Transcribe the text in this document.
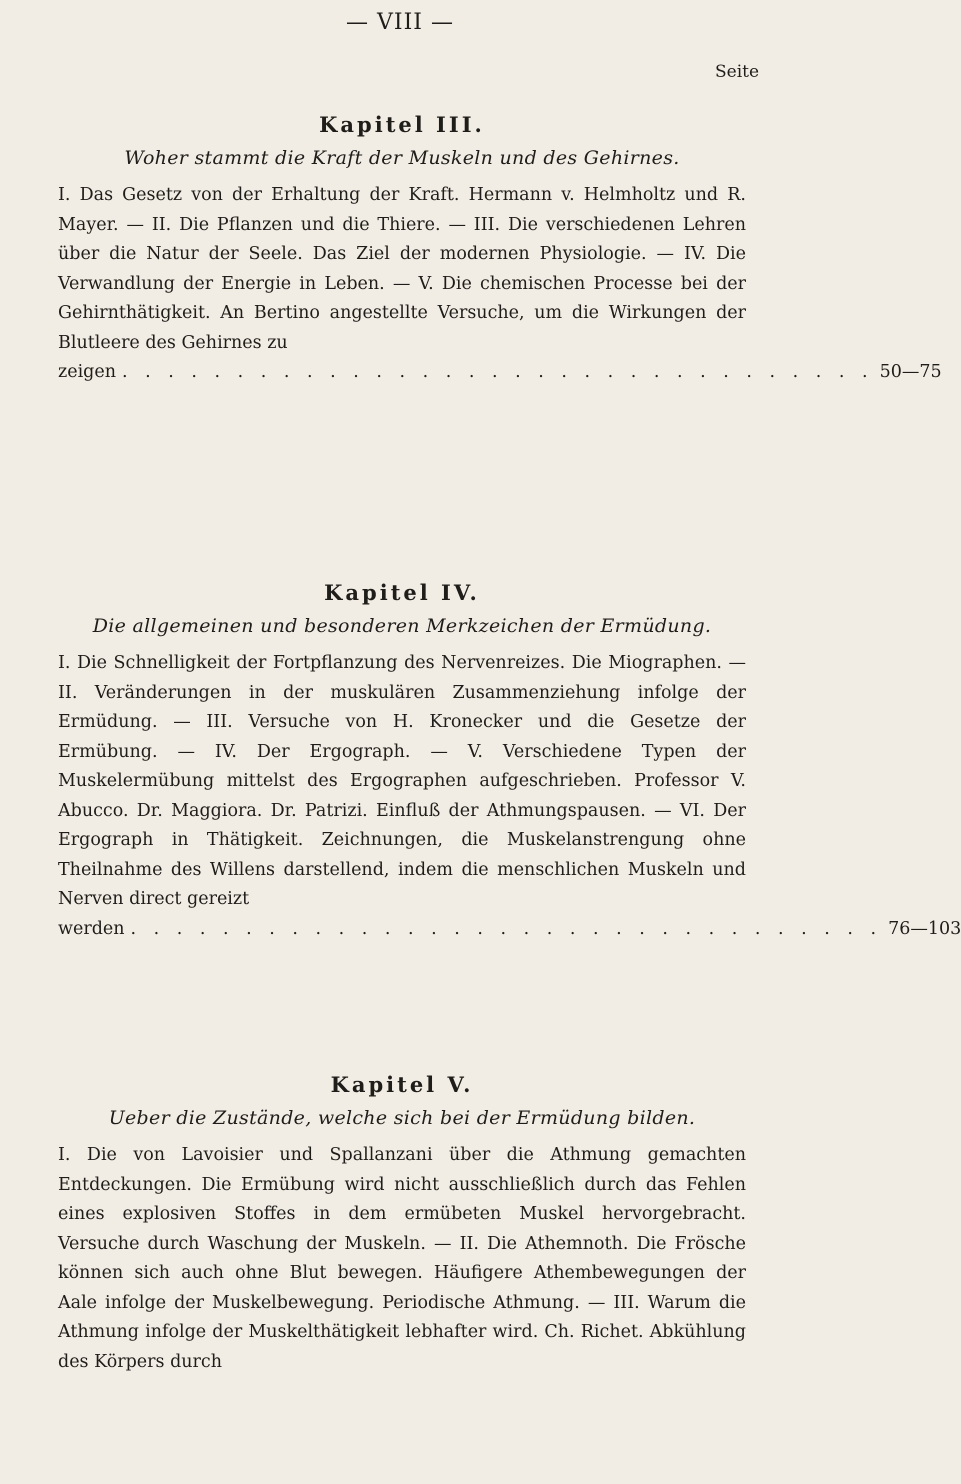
— VIII —
Seite
Kapitel III.
Woher stammt die Kraft der Muskeln und des Gehirnes.

I. Das Gesetz von der Erhaltung der Kraft. Hermann v. Helmholtz und R. Mayer. — II. Die Pflanzen und die Thiere. — III. Die verschiedenen Lehren über die Natur der Seele. Das Ziel der modernen Physiologie. — IV. Die Verwandlung der Energie in Leben. — V. Die chemischen Processe bei der Gehirnthätigkeit. An Bertino angestellte Versuche, um die Wirkungen der Blutleere des Gehirnes zu

zeigen . . . . . . . . . . . . . . . . . . . . . . . . . . . . . . . . . 50—75
Kapitel IV.
Die allgemeinen und besonderen Merkzeichen der Ermüdung.

I. Die Schnelligkeit der Fortpflanzung des Nervenreizes. Die Miographen. — II. Veränderungen in der muskulären Zusammenziehung infolge der Ermüdung. — III. Versuche von H. Kronecker und die Gesetze der Ermübung. — IV. Der Ergograph. — V. Verschiedene Typen der Muskelermübung mittelst des Ergographen aufgeschrieben. Professor V. Abucco. Dr. Maggiora. Dr. Patrizi. Einfluß der Athmungspausen. — VI. Der Ergograph in Thätigkeit. Zeichnungen, die Muskelanstrengung ohne Theilnahme des Willens darstellend, indem die menschlichen Muskeln und Nerven direct gereizt

werden . . . . . . . . . . . . . . . . . . . . . . . . . . . . . . . . . 76—103
Kapitel V.
Ueber die Zustände, welche sich bei der Ermüdung bilden.

I. Die von Lavoisier und Spallanzani über die Athmung gemachten Entdeckungen. Die Ermübung wird nicht ausschließlich durch das Fehlen eines explosiven Stoffes in dem ermübeten Muskel hervorgebracht. Versuche durch Waschung der Muskeln. — II. Die Athemnoth. Die Frösche können sich auch ohne Blut bewegen. Häufigere Athembewegungen der Aale infolge der Muskelbewegung. Periodische Athmung. — III. Warum die Athmung infolge der Muskelthätigkeit lebhafter wird. Ch. Richet. Abkühlung des Körpers durch
